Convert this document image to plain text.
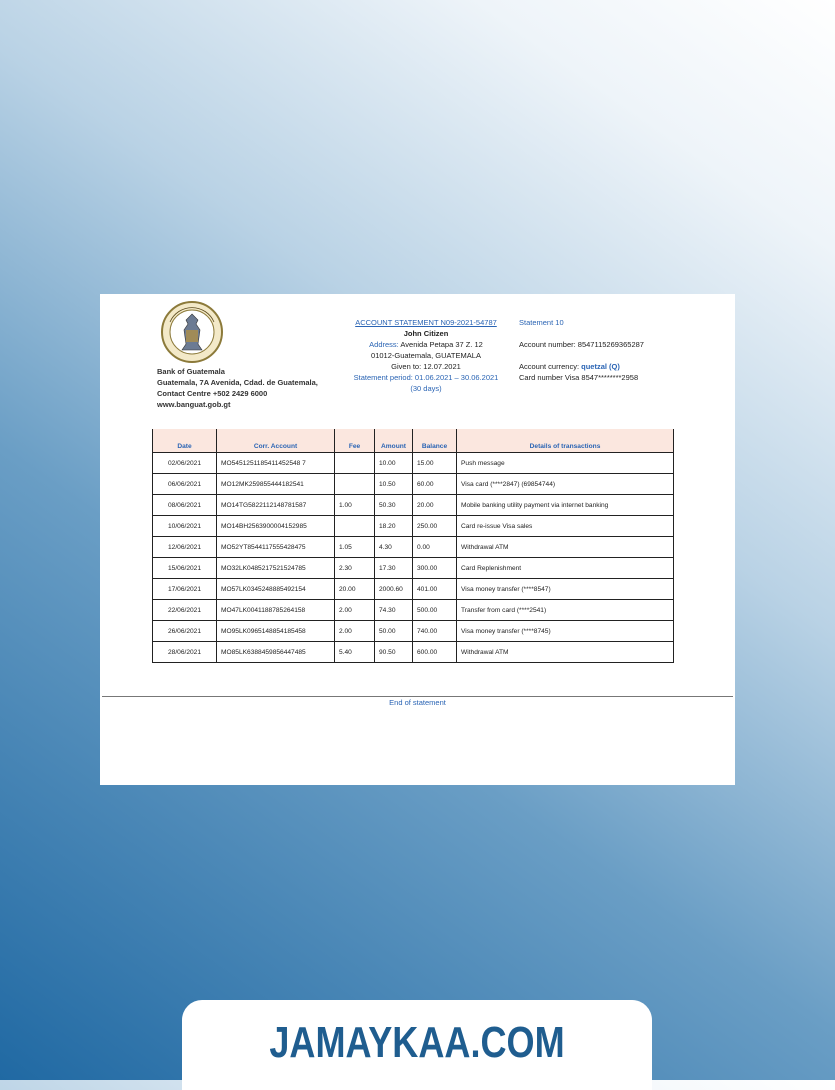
Bank of Guatemala
Guatemala, 7A Avenida, Cdad. de Guatemala,
Contact Centre +502 2429 6000
www.banguat.gob.gt
ACCOUNT STATEMENT N09-2021-54787
John Citizen
Address: Avenida Petapa 37 Z. 12
01012-Guatemala, GUATEMALA
Given to: 12.07.2021
Statement period: 01.06.2021 – 30.06.2021
(30 days)
Statement 10
Account number: 8547115269365287
Account currency: quetzal (Q)
Card number Visa 8547********2958
Date	Corr. Account	Fee	Amount	Balance	Details of transactions
02/06/2021	MO5451251185411452548 7		10.00	15.00	Push message
06/06/2021	MO12MK259855444182541		10.50	60.00	Visa card (****2847) (69854744)
08/06/2021	MO14TG5822112148781587	1.00	50.30	20.00	Mobile banking utility payment via internet banking
10/06/2021	MO14BH2563900004152985		18.20	250.00	Card re-issue Visa sales
12/06/2021	MO52YT8544117555428475	1.05	4.30	0.00	Withdrawal ATM
15/06/2021	MO32LK0485217521524785	2.30	17.30	300.00	Card Replenishment
17/06/2021	MO57LK0345248885492154	20.00	2000.60	401.00	Visa money transfer (****8547)
22/06/2021	MO47LK0041188785264158	2.00	74.30	500.00	Transfer from card (****2541)
26/06/2021	MO95LK0965148854185458	2.00	50.00	740.00	Visa money transfer (****8745)
28/06/2021	MO85LK6388459856447485	5.40	90.50	600.00	Withdrawal ATM
End of statement
JAMAYKAA.COM
